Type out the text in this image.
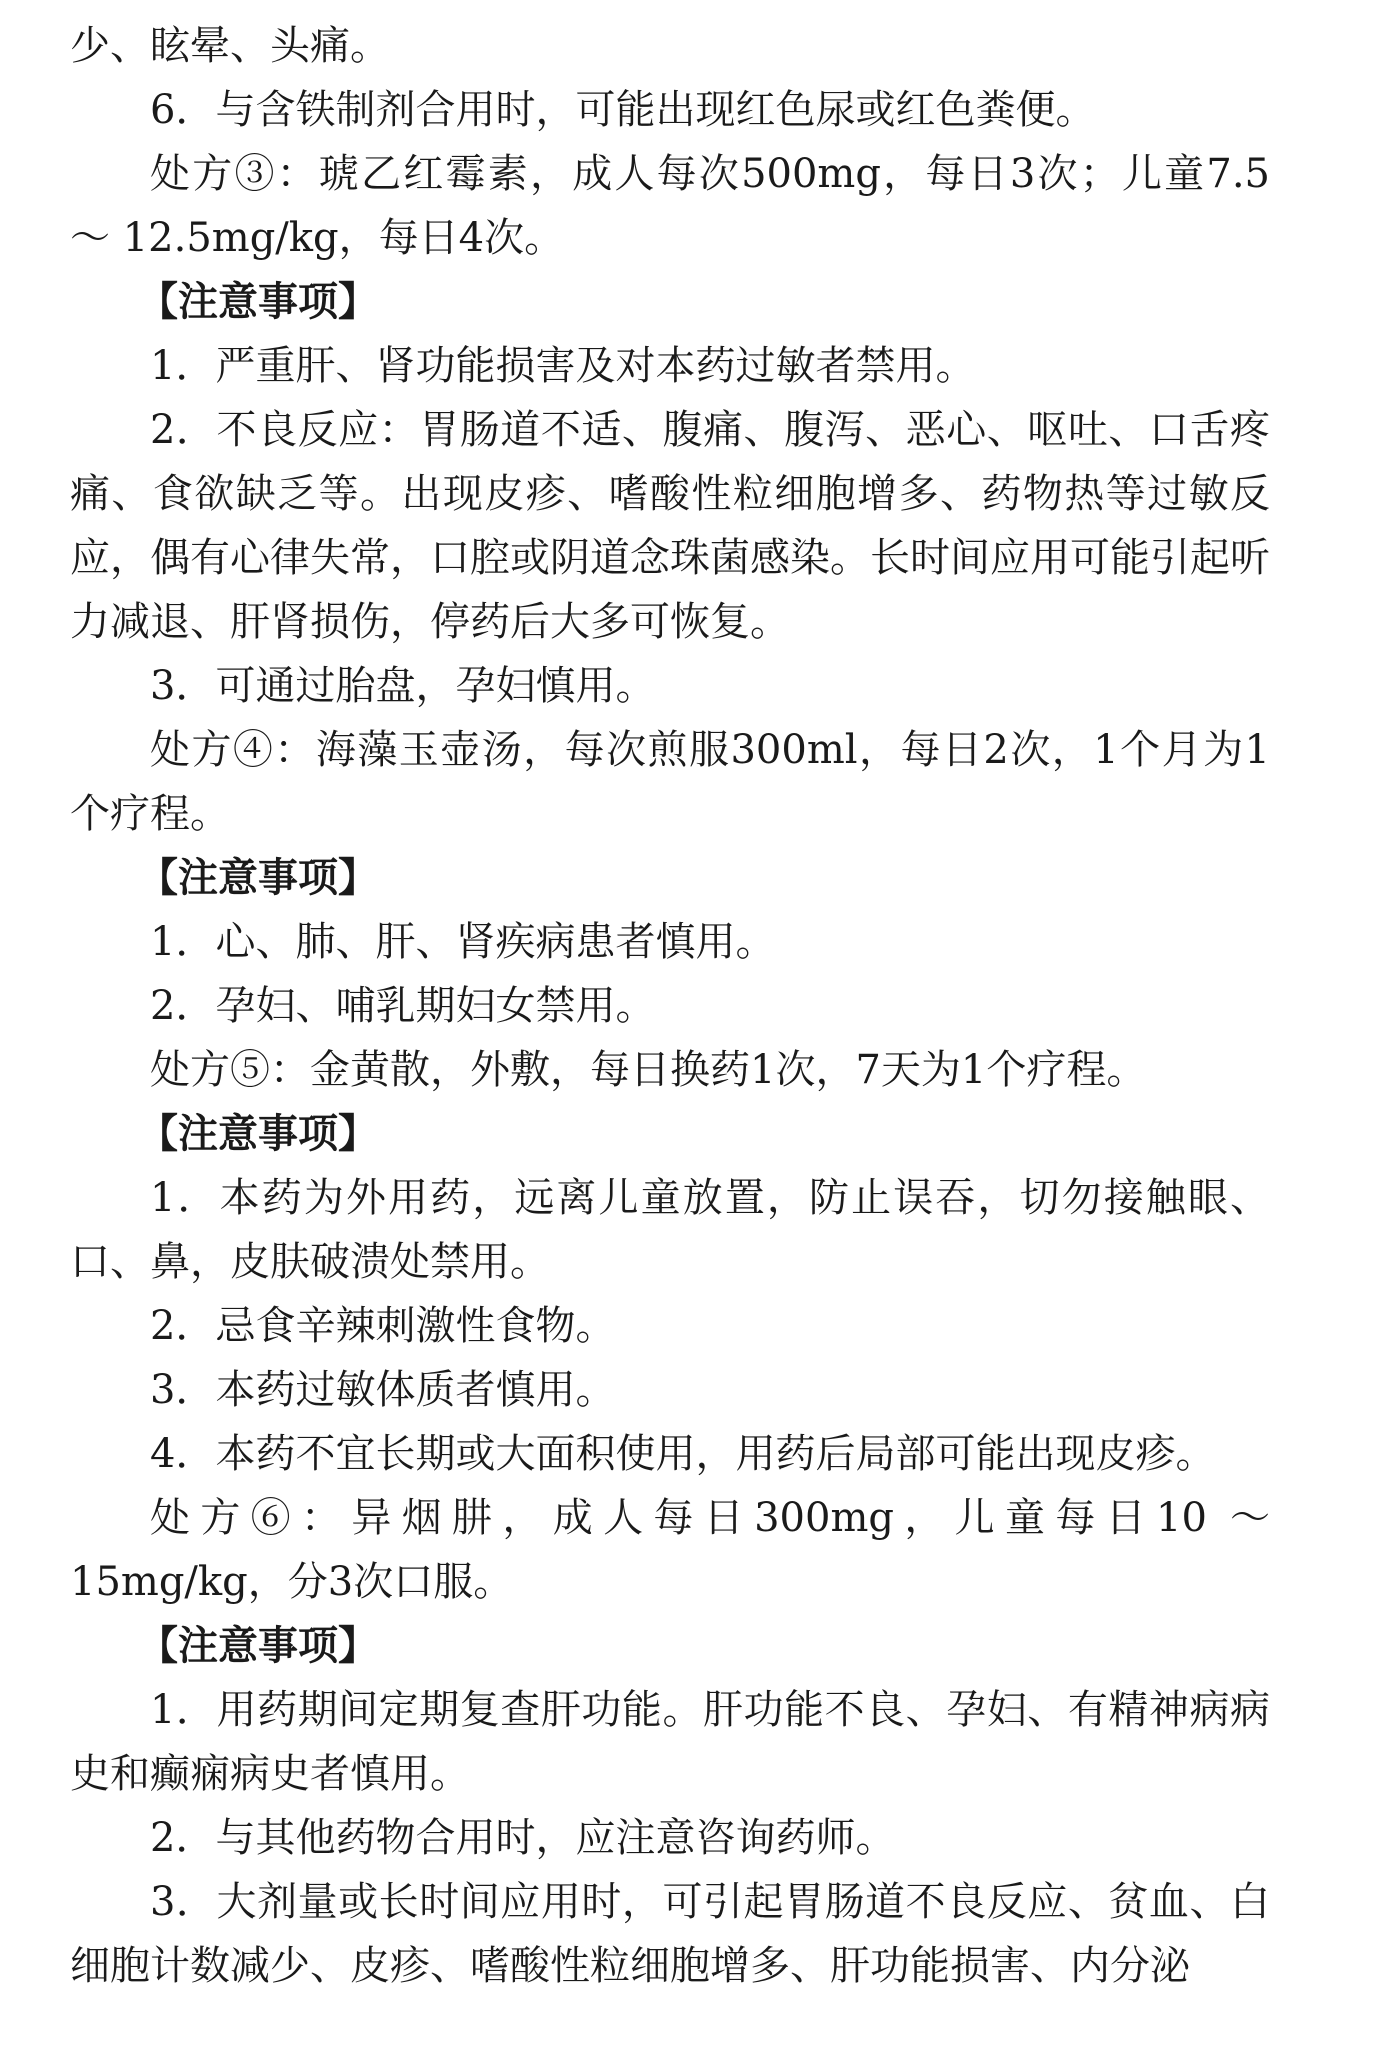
少、眩晕、头痛。

6．与含铁制剂合用时，可能出现红色尿或红色粪便。

处方③：琥乙红霉素，成人每次500mg，每日3次；儿童7.5 ～ 12.5mg/kg，每日4次。

【注意事项】

1．严重肝、肾功能损害及对本药过敏者禁用。

2．不良反应：胃肠道不适、腹痛、腹泻、恶心、呕吐、口舌疼痛、食欲缺乏等。出现皮疹、嗜酸性粒细胞增多、药物热等过敏反应，偶有心律失常，口腔或阴道念珠菌感染。长时间应用可能引起听力减退、肝肾损伤，停药后大多可恢复。

3．可通过胎盘，孕妇慎用。

处方④：海藻玉壶汤，每次煎服300ml，每日2次，1个月为1个疗程。

【注意事项】

1．心、肺、肝、肾疾病患者慎用。

2．孕妇、哺乳期妇女禁用。

处方⑤：金黄散，外敷，每日换药1次，7天为1个疗程。

【注意事项】

1．本药为外用药，远离儿童放置，防止误吞，切勿接触眼、口、鼻，皮肤破溃处禁用。

2．忌食辛辣刺激性食物。

3．本药过敏体质者慎用。

4．本药不宜长期或大面积使用，用药后局部可能出现皮疹。

处方⑥：异烟肼，成人每日300mg，儿童每日10 ～ 15mg/kg，分3次口服。

【注意事项】

1．用药期间定期复查肝功能。肝功能不良、孕妇、有精神病病史和癫痫病史者慎用。

2．与其他药物合用时，应注意咨询药师。

3．大剂量或长时间应用时，可引起胃肠道不良反应、贫血、白细胞计数减少、皮疹、嗜酸性粒细胞增多、肝功能损害、内分泌
